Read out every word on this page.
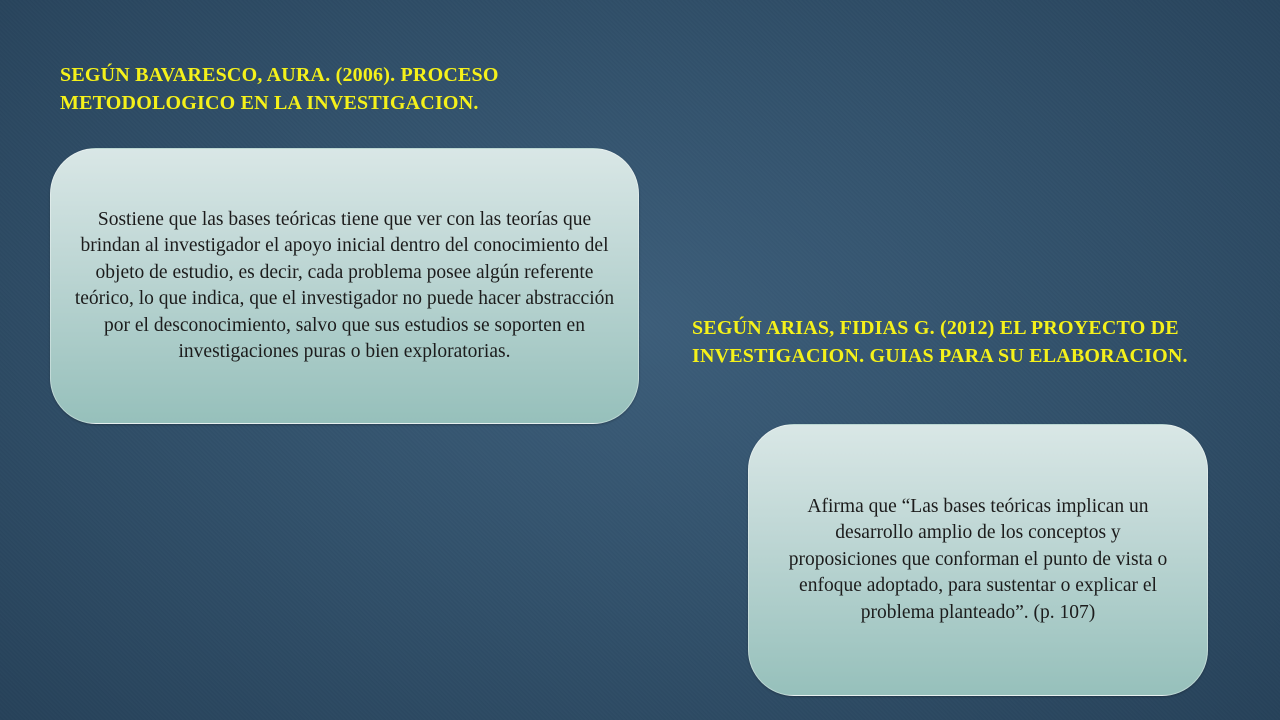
SEGÚN BAVARESCO, AURA. (2006). PROCESO METODOLOGICO EN LA INVESTIGACION.

Sostiene que las bases teóricas tiene que ver con las teorías que brindan al investigador el apoyo inicial dentro del conocimiento del objeto de estudio, es decir, cada problema posee algún referente teórico, lo que indica, que el investigador no puede hacer abstracción por el desconocimiento, salvo que sus estudios se soporten en investigaciones puras o bien exploratorias.

SEGÚN ARIAS, FIDIAS G. (2012) EL PROYECTO DE INVESTIGACION. GUIAS PARA SU ELABORACION.

Afirma que “Las bases teóricas implican un desarrollo amplio de los conceptos y proposiciones que conforman el punto de vista o enfoque adoptado, para sustentar o explicar el problema planteado”. (p. 107)
